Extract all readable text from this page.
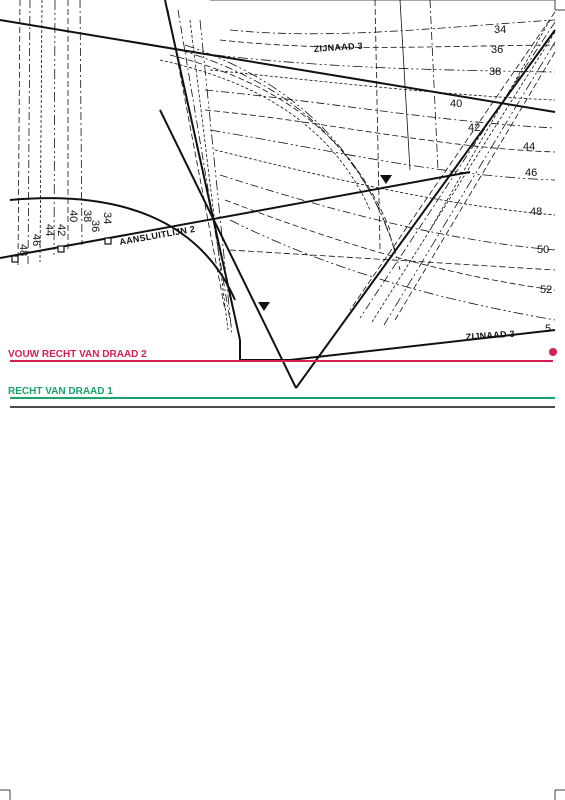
ZIJNAAD 3
ZIJNAAD 3
AANSLUITLIJN 2
VOUW RECHT VAN DRAAD 2
RECHT VAN DRAAD 1
34
36
38
40
42
44
46
48
50
52
5
48
46
44 42
40 38
36
34
